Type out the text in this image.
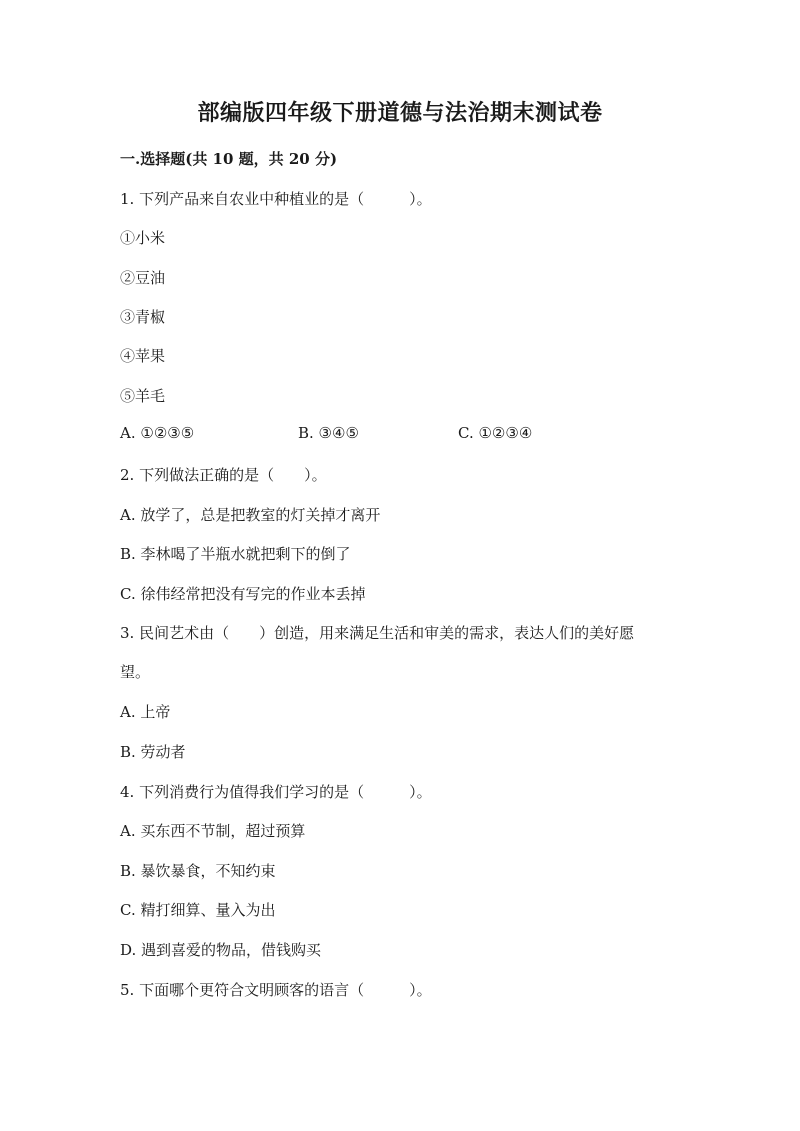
部编版四年级下册道德与法治期末测试卷
一.选择题(共 10 题，共 20 分)
1. 下列产品来自农业中种植业的是（　　　）。
①小米
②豆油
③青椒
④苹果
⑤羊毛
A. ①②③⑤	B. ③④⑤	C. ①②③④
2. 下列做法正确的是（　　）。
A. 放学了，总是把教室的灯关掉才离开
B. 李林喝了半瓶水就把剩下的倒了
C. 徐伟经常把没有写完的作业本丢掉
3. 民间艺术由（　　）创造，用来满足生活和审美的需求，表达人们的美好愿
望。
A. 上帝
B. 劳动者
4. 下列消费行为值得我们学习的是（　　　）。
A. 买东西不节制，超过预算
B. 暴饮暴食，不知约束
C. 精打细算、量入为出
D. 遇到喜爱的物品，借钱购买
5. 下面哪个更符合文明顾客的语言（　　　）。
